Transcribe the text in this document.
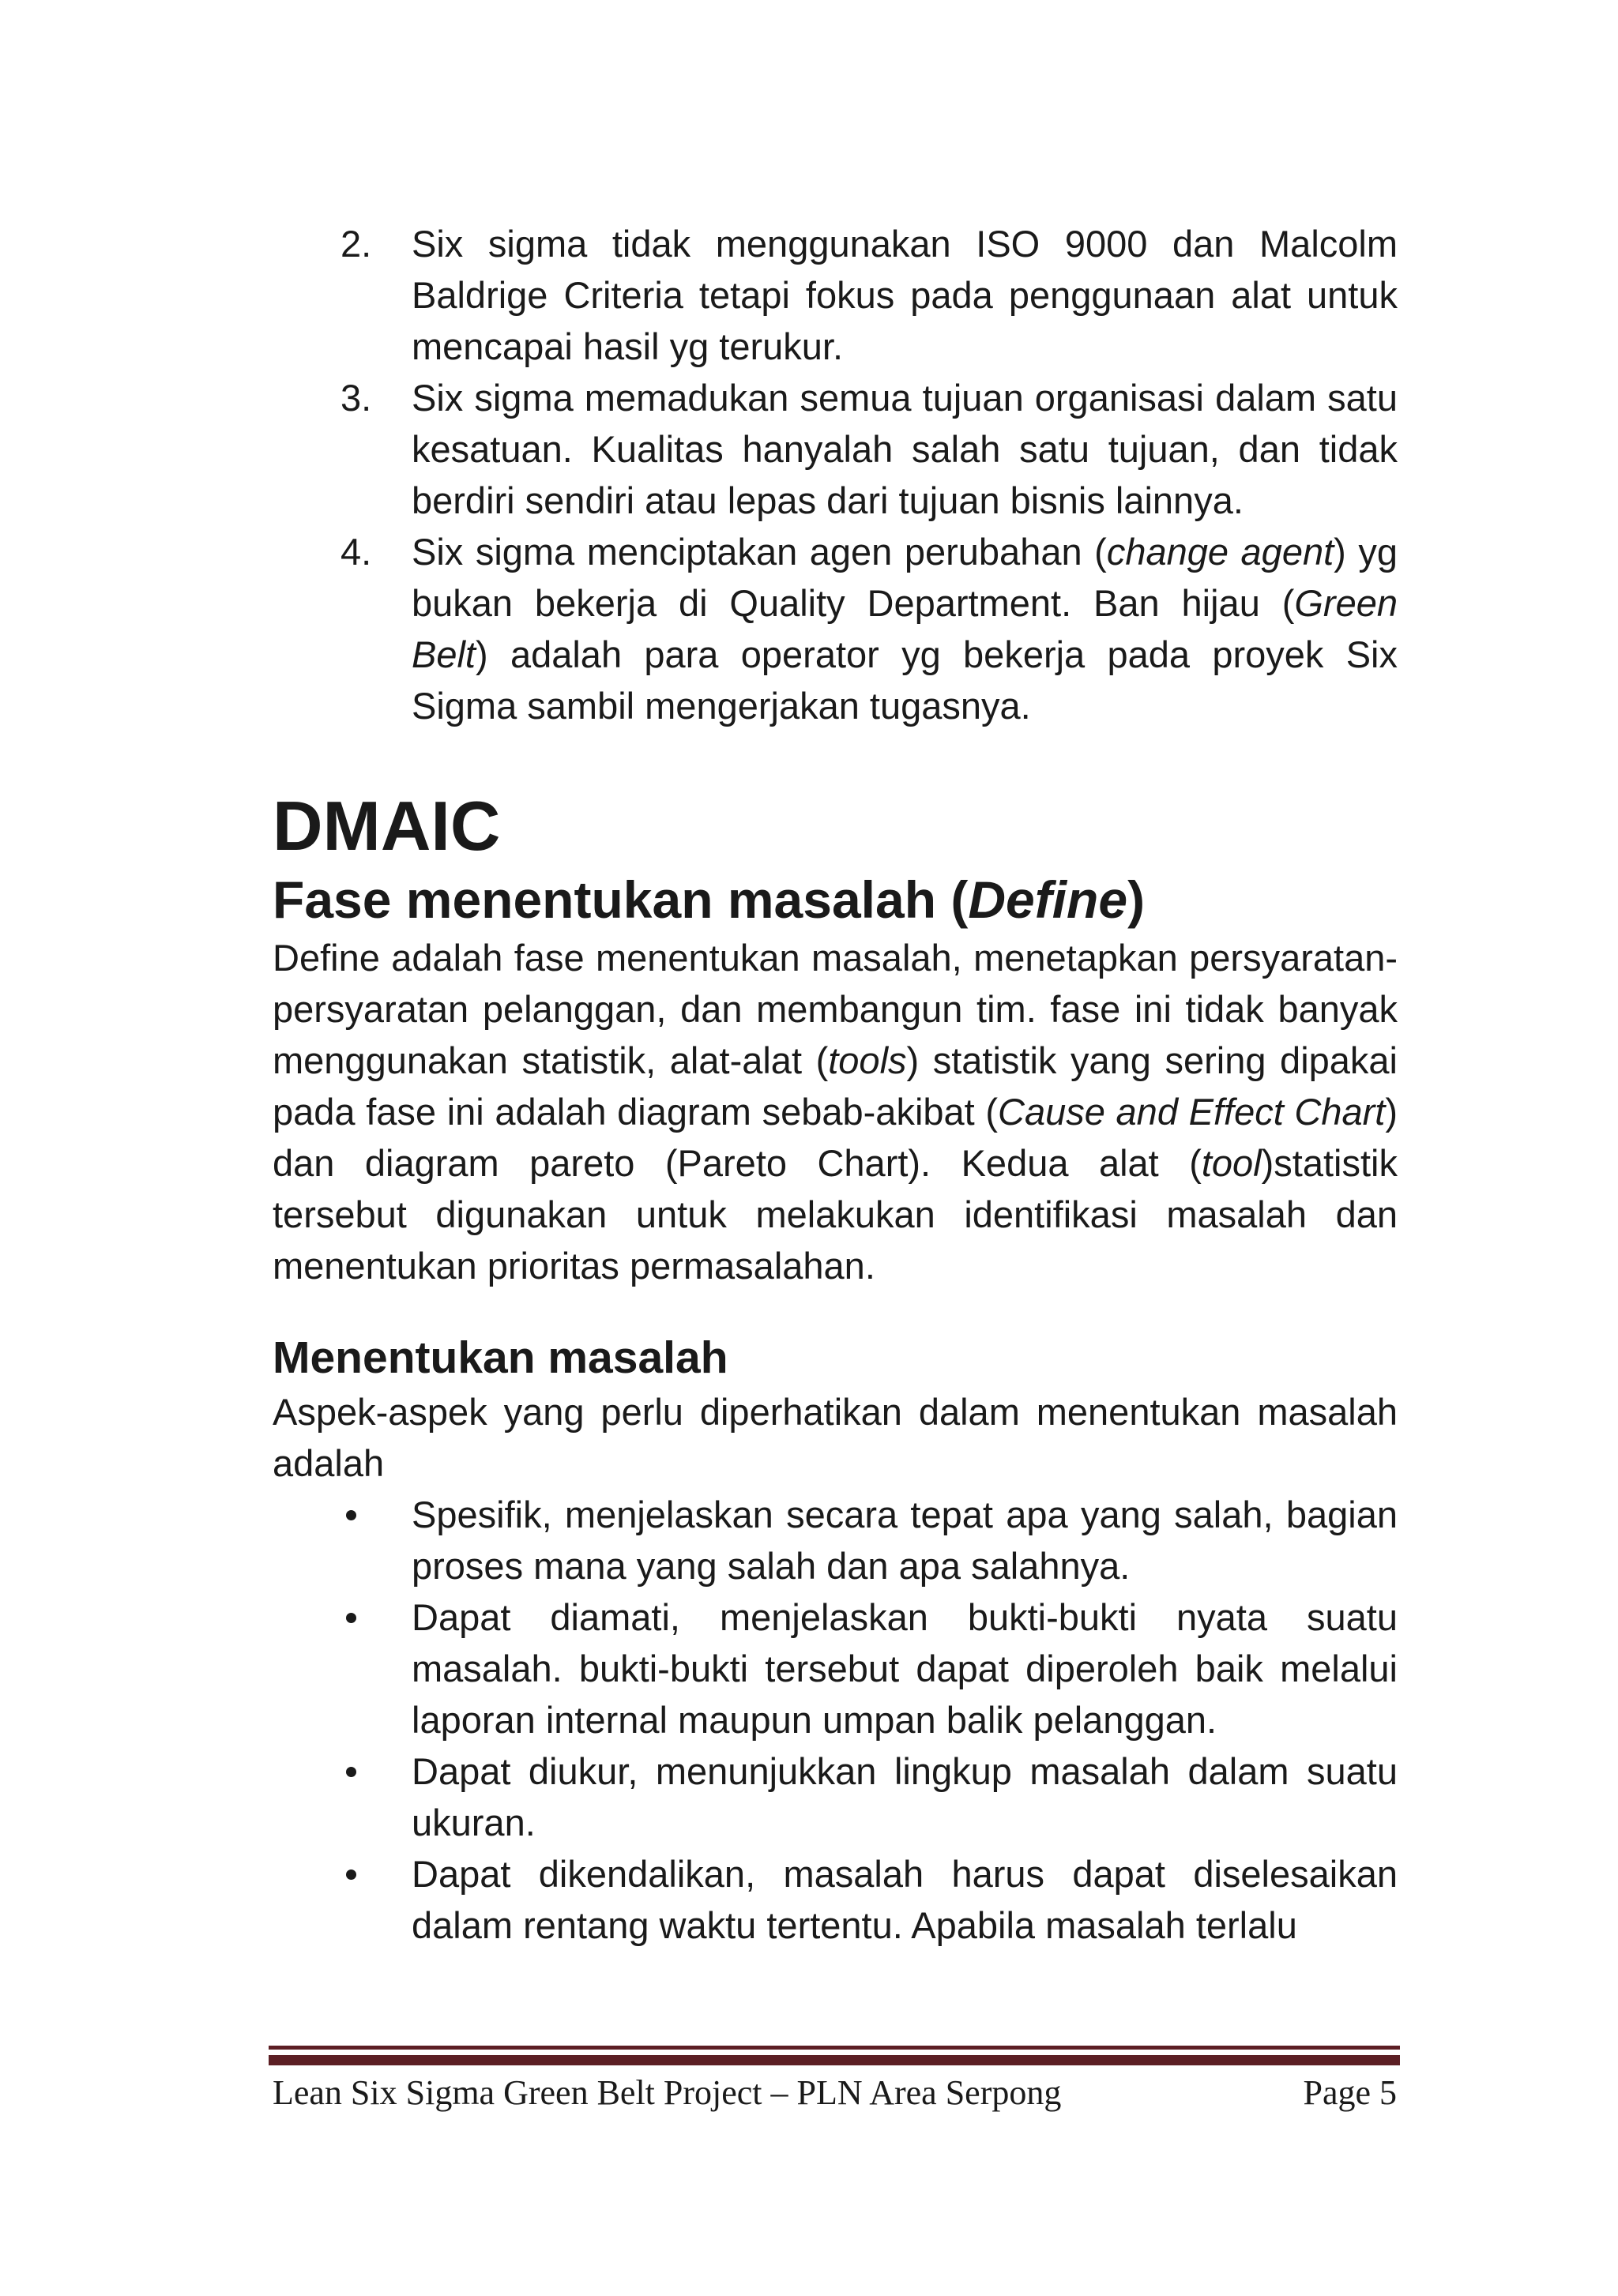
2. Six sigma tidak menggunakan ISO 9000 dan Malcolm Baldrige Criteria tetapi fokus pada penggunaan alat untuk mencapai hasil yg terukur.
3. Six sigma memadukan semua tujuan organisasi dalam satu kesatuan. Kualitas hanyalah salah satu tujuan, dan tidak berdiri sendiri atau lepas dari tujuan bisnis lainnya.
4. Six sigma menciptakan agen perubahan (change agent) yg bukan bekerja di Quality Department. Ban hijau (Green Belt) adalah para operator yg bekerja pada proyek Six Sigma sambil mengerjakan tugasnya.
DMAIC
Fase menentukan masalah (Define)

Define adalah fase menentukan masalah, menetapkan persyaratan-persyaratan pelanggan, dan membangun tim. fase ini tidak banyak menggunakan statistik, alat-alat (tools) statistik yang sering dipakai pada fase ini adalah diagram sebab-akibat (Cause and Effect Chart) dan diagram pareto (Pareto Chart). Kedua alat (tool)statistik tersebut digunakan untuk melakukan identifikasi masalah dan menentukan prioritas permasalahan.

Menentukan masalah

Aspek-aspek yang perlu diperhatikan dalam menentukan masalah adalah

Spesifik, menjelaskan secara tepat apa yang salah, bagian proses mana yang salah dan apa salahnya.
Dapat diamati, menjelaskan bukti-bukti nyata suatu masalah. bukti-bukti tersebut dapat diperoleh baik melalui laporan internal maupun umpan balik pelanggan.
Dapat diukur, menunjukkan lingkup masalah dalam suatu ukuran.
Dapat dikendalikan, masalah harus dapat diselesaikan dalam rentang waktu tertentu. Apabila masalah terlalu
Lean Six Sigma Green Belt Project – PLN Area Serpong	Page 5
